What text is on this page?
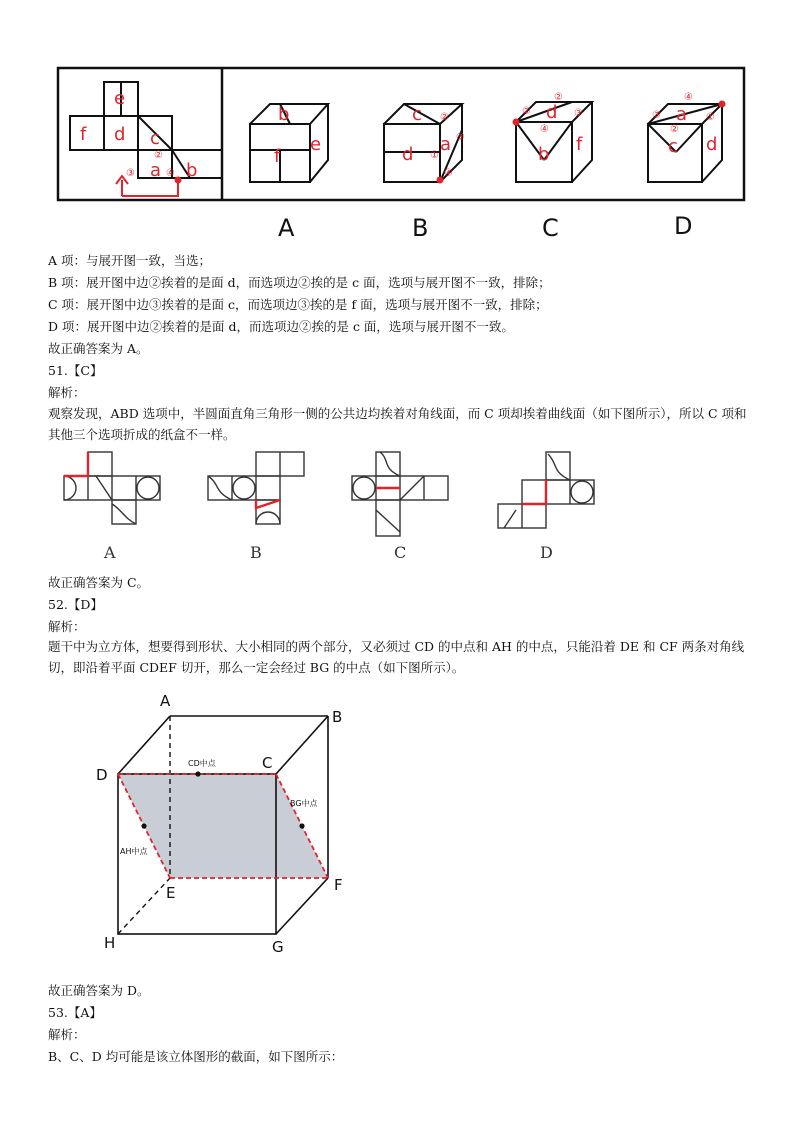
e
f d c
a b
②
③	④
b
f
e
c
d a
d
b f
a
c d
②
③
①
④
②
②
④
③
④
③
②
①
A	B	C	D
A 项：与展开图一致，当选；
B 项：展开图中边②挨着的是面 d，而选项边②挨的是 c 面，选项与展开图不一致，排除；
C 项：展开图中边③挨着的是面 c，而选项边③挨的是 f 面，选项与展开图不一致，排除；
D 项：展开图中边②挨着的是面 d，而选项边②挨的是 c 面，选项与展开图不一致。
故正确答案为 A。
51.【C】
解析：
观察发现，ABD 选项中，半圆面直角三角形一侧的公共边均挨着对角线面，而 C 项却挨着曲线面（如下图所示），所以 C 项和其他三个选项折成的纸盒不一样。
A	B	C	D
故正确答案为 C。
52.【D】
解析：
题干中为立方体，想要得到形状、大小相同的两个部分，又必须过 CD 的中点和 AH 的中点，只能沿着 DE 和 CF 两条对角线切，即沿着平面 CDEF 切开，那么一定会经过 BG 的中点（如下图所示）。
A
B
C
D
E	F
G
H
CD中点
BG中点
AH中点
故正确答案为 D。
53.【A】
解析：
B、C、D 均可能是该立体图形的截面，如下图所示：
